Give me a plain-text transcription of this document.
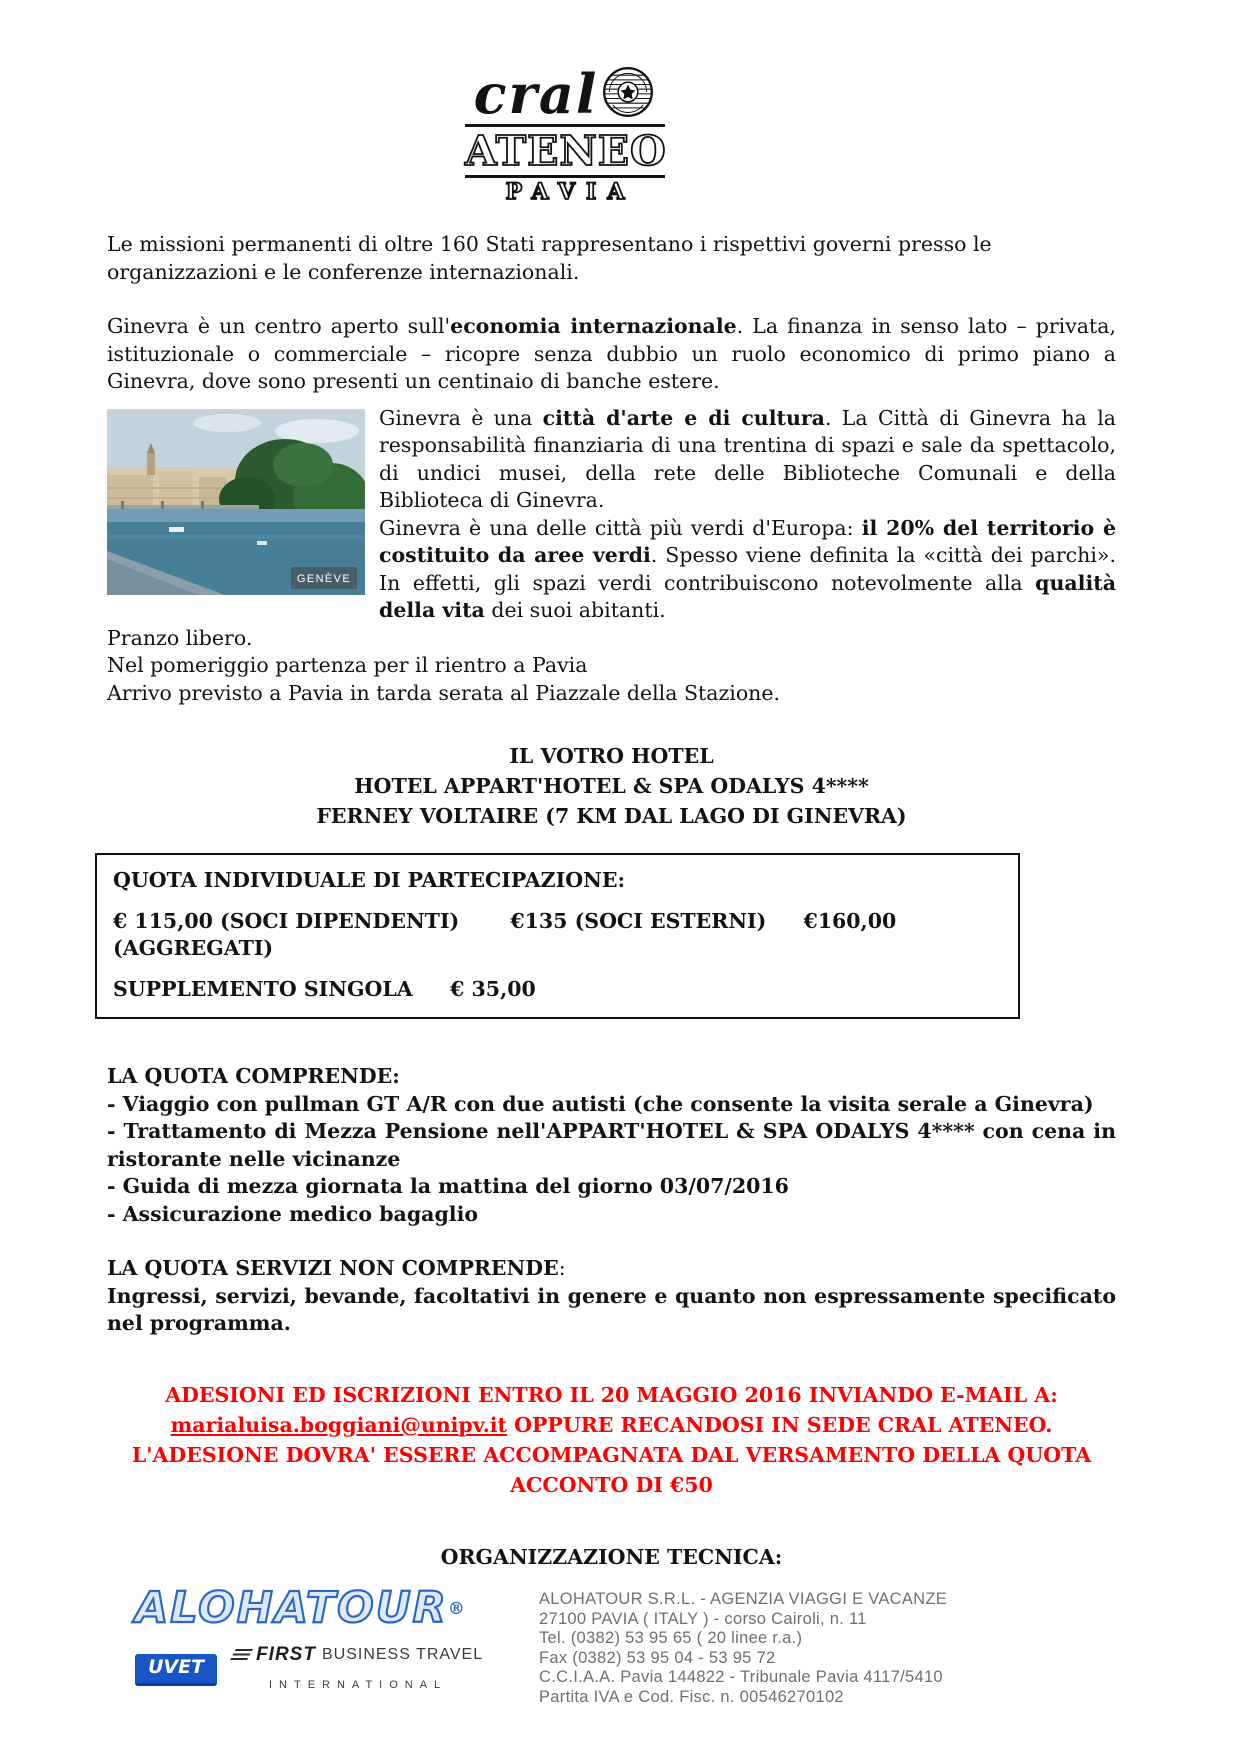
cral
ATENEO
PAVIA

Le missioni permanenti di oltre 160 Stati rappresentano i rispettivi governi presso le
organizzazioni e le conferenze internazionali.

Ginevra è un centro aperto sull'economia internazionale. La finanza in senso lato – privata, istituzionale o commerciale – ricopre senza dubbio un ruolo economico di primo piano a Ginevra, dove sono presenti un centinaio di banche estere.

GENÈVE

Ginevra è una città d'arte e di cultura. La Città di Ginevra ha la responsabilità finanziaria di una trentina di spazi e sale da spettacolo, di undici musei, della rete delle Biblioteche Comunali e della Biblioteca di Ginevra.

Ginevra è una delle città più verdi d'Europa: il 20% del territorio è costituito da aree verdi. Spesso viene definita la «città dei parchi». In effetti, gli spazi verdi contribuiscono notevolmente alla qualità della vita dei suoi abitanti.

Pranzo libero.

Nel pomeriggio partenza per il rientro a Pavia

Arrivo previsto a Pavia in tarda serata al Piazzale della Stazione.

IL VOTRO HOTEL
HOTEL APPART'HOTEL & SPA ODALYS 4****
FERNEY VOLTAIRE (7 KM DAL LAGO DI GINEVRA)
QUOTA INDIVIDUALE DI PARTECIPAZIONE:
€ 115,00 (SOCI DIPENDENTI) €135 (SOCI ESTERNI) €160,00 (AGGREGATI)
SUPPLEMENTO SINGOLA € 35,00

LA QUOTA COMPRENDE:

- Viaggio con pullman GT A/R con due autisti (che consente la visita serale a Ginevra)

- Trattamento di Mezza Pensione nell'APPART'HOTEL & SPA ODALYS 4**** con cena in ristorante nelle vicinanze

- Guida di mezza giornata la mattina del giorno 03/07/2016

- Assicurazione medico bagaglio

LA QUOTA SERVIZI NON COMPRENDE:

Ingressi, servizi, bevande, facoltativi in genere e quanto non espressamente specificato nel programma.

ADESIONI ED ISCRIZIONI ENTRO IL 20 MAGGIO 2016 INVIANDO E-MAIL A:
marialuisa.boggiani@unipv.it OPPURE RECANDOSI IN SEDE CRAL ATENEO. L'ADESIONE DOVRA' ESSERE ACCOMPAGNATA DAL VERSAMENTO DELLA QUOTA ACCONTO DI €50

ORGANIZZAZIONE TECNICA:

ALOHATOUR®
UVET
FIRST BUSINESS TRAVEL
INTERNATIONAL
ALOHATOUR S.R.L. - AGENZIA VIAGGI E VACANZE
27100 PAVIA ( ITALY ) - corso Cairoli, n. 11
Tel. (0382) 53 95 65 ( 20 linee r.a.)
Fax (0382) 53 95 04 - 53 95 72
C.C.I.A.A. Pavia 144822 - Tribunale Pavia 4117/5410
Partita IVA e Cod. Fisc. n. 00546270102
